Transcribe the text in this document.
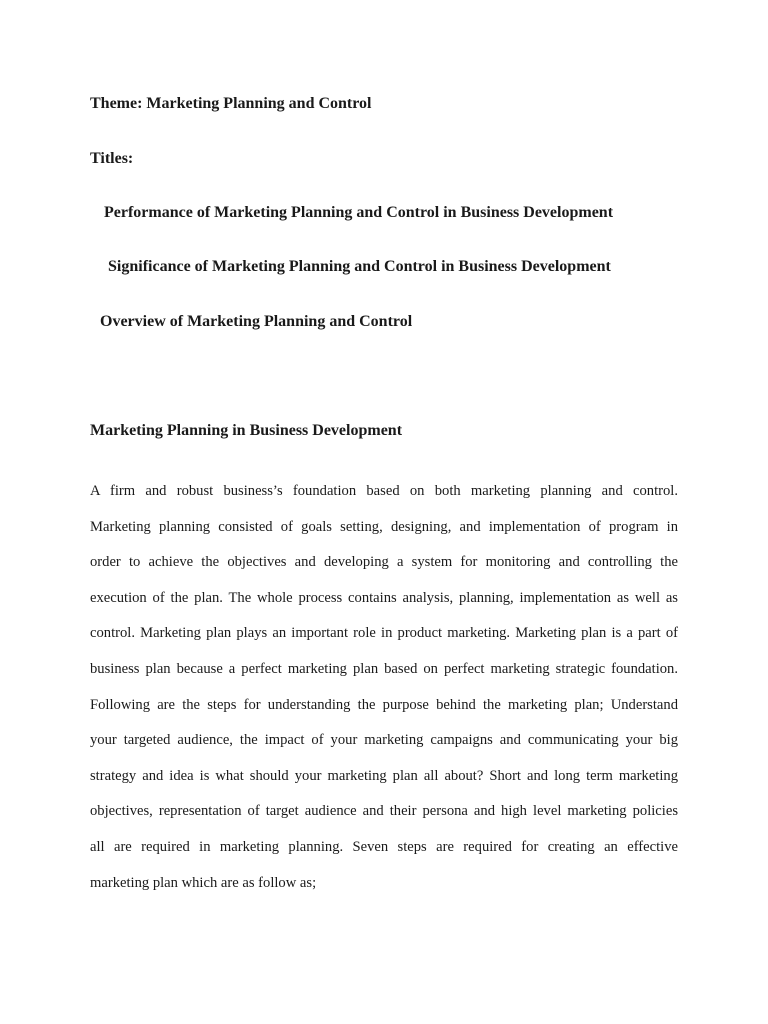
Theme: Marketing Planning and Control
Titles:
Performance of Marketing Planning and Control in Business Development
Significance of Marketing Planning and Control in Business Development
Overview of Marketing Planning and Control
Marketing Planning in Business Development

A firm and robust business’s foundation based on both marketing planning and control.
Marketing planning consisted of goals setting, designing, and implementation of program in
order to achieve the objectives and developing a system for monitoring and controlling the
execution of the plan. The whole process contains analysis, planning, implementation as well as
control. Marketing plan plays an important role in product marketing. Marketing plan is a part of
business plan because a perfect marketing plan based on perfect marketing strategic foundation.
Following are the steps for understanding the purpose behind the marketing plan; Understand
your targeted audience, the impact of your marketing campaigns and communicating your big
strategy and idea is what should your marketing plan all about? Short and long term marketing
objectives, representation of target audience and their persona and high level marketing policies
all are required in marketing planning. Seven steps are required for creating an effective
marketing plan which are as follow as;
